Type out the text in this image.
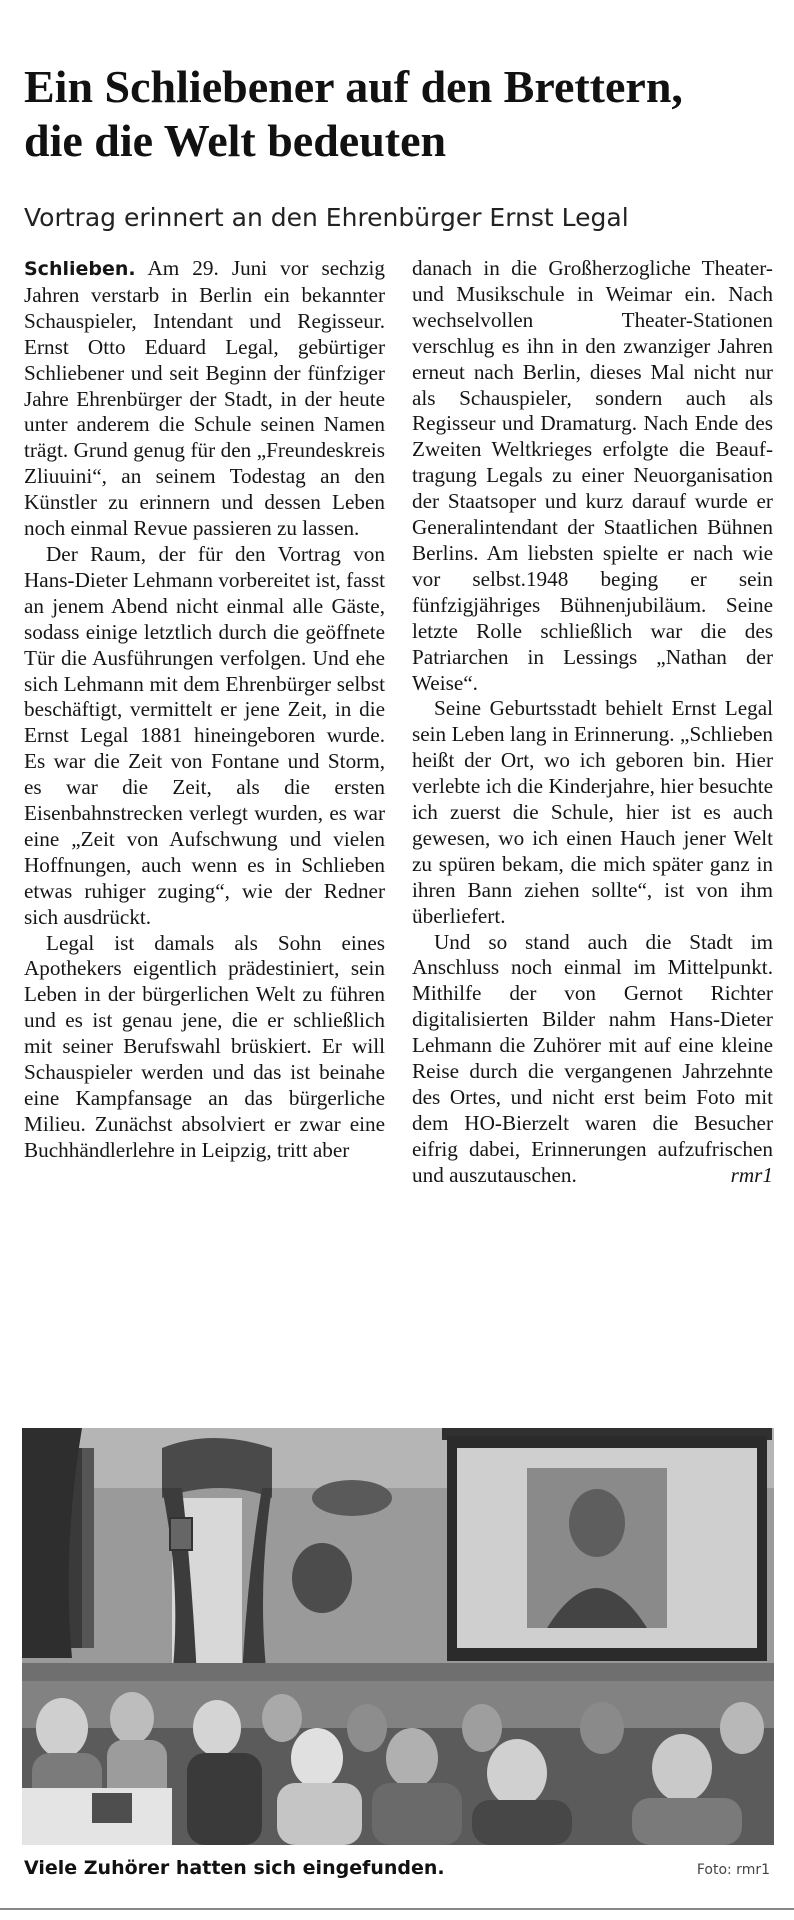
Ein Schliebener auf den Brettern,
die die Welt bedeuten
Vortrag erinnert an den Ehrenbürger Ernst Legal

Schlieben. Am 29. Juni vor sechzig Jahren verstarb in Berlin ein bekannter Schauspieler, Intendant und Regisseur. Ernst Otto Eduard Legal, gebürtiger Schliebener und seit Beginn der fünfziger Jahre Ehrenbürger der Stadt, in der heute unter anderem die Schule seinen Namen trägt. Grund genug für den „Freundeskreis Zliuuini“, an seinem Todestag an den Künstler zu erinnern und dessen Leben noch einmal Revue passieren zu lassen.

Der Raum, der für den Vortrag von Hans-Dieter Lehmann vorbereitet ist, fasst an jenem Abend nicht einmal alle Gäste, sodass einige letztlich durch die geöffnete Tür die Ausführungen verfolgen. Und ehe sich Lehmann mit dem Ehrenbürger selbst beschäftigt, vermittelt er jene Zeit, in die Ernst Legal 1881 hineingeboren wurde. Es war die Zeit von Fontane und Storm, es war die Zeit, als die ersten Eisenbahnstrecken verlegt wurden, es war eine „Zeit von Aufschwung und vielen Hoffnungen, auch wenn es in Schlieben etwas ruhiger zuging“, wie der Redner sich ausdrückt.

Legal ist damals als Sohn eines Apothekers eigentlich prädestiniert, sein Leben in der bürgerlichen Welt zu führen und es ist genau jene, die er schließlich mit seiner Berufswahl brüskiert. Er will Schauspieler werden und das ist beinahe eine Kampfansage an das bürgerliche Milieu. Zunächst absolviert er zwar eine Buchhändlerlehre in Leipzig, tritt aber

danach in die Großherzogliche Theater- und Musikschule in Weimar ein. Nach wechselvollen Theater-Stationen verschlug es ihn in den zwanziger Jahren erneut nach Berlin, dieses Mal nicht nur als Schauspieler, sondern auch als Regisseur und Dramaturg. Nach Ende des Zweiten Weltkrieges erfolgte die Beauftragung Legals zu einer Neuorganisation der Staatsoper und kurz darauf wurde er Generalintendant der Staatlichen Bühnen Berlins. Am liebsten spielte er nach wie vor selbst.1948 beging er sein fünfzigjähriges Bühnenjubiläum. Seine letzte Rolle schließlich war die des Patriarchen in Lessings „Nathan der Weise“.

Seine Geburtsstadt behielt Ernst Legal sein Leben lang in Erinnerung. „Schlieben heißt der Ort, wo ich geboren bin. Hier verlebte ich die Kinderjahre, hier besuchte ich zuerst die Schule, hier ist es auch gewesen, wo ich einen Hauch jener Welt zu spüren bekam, die mich später ganz in ihren Bann ziehen sollte“, ist von ihm überliefert.

Und so stand auch die Stadt im Anschluss noch einmal im Mittelpunkt. Mithilfe der von Gernot Richter digitalisierten Bilder nahm Hans-Dieter Lehmann die Zuhörer mit auf eine kleine Reise durch die vergangenen Jahrzehnte des Ortes, und nicht erst beim Foto mit dem HO-Bierzelt waren die Besucher eifrig dabei, Erinnerungen aufzufrischen und auszutauschen.	rmr1

Viele Zuhörer hatten sich eingefunden.	Foto: rmr1
